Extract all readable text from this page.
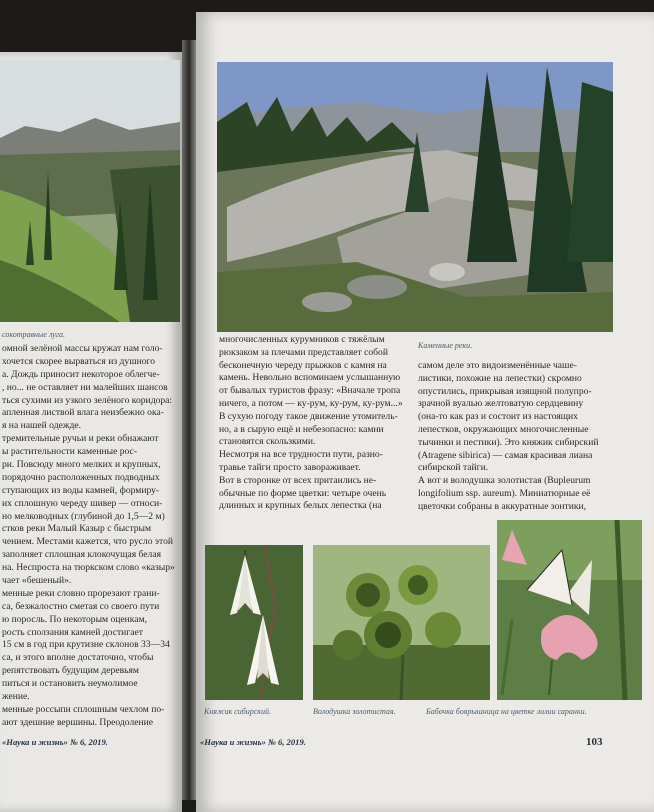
сокотравные луга.
омной зелёной массы кружат нам голо-
хочется скорее вырваться из душного
а. Дождь приносит некоторое облегче-
, но... не оставляет ни малейших шансов
ться сухими из узкого зелёного коридора:
апленная листвой влага неизбежно ока-
я на нашей одежде.
тремительные ручьи и реки обнажают
ы растительности каменные рос-
ри. Повсюду много мелких и крупных,
порядочно расположенных подводных
ступающих из воды камней, формиру-
их сплошную череду шивер — относи-
но мелководных (глубиной до 1,5—2 м)
стков реки Малый Казыр с быстрым
чением. Местами кажется, что русло этой
заполняет сплошная клокочущая белая
на. Неспроста на тюркском слово «казыр»
чает «бешеный».
менные реки словно прорезают грани-
са, безжалостно сметая со своего пути
ю поросль. По некоторым оценкам,
рость сползания камней достигает
15 см в год при крутизне склонов 33—34
са, и этого вполне достаточно, чтобы
репятствовать будущим деревьям
питься и остановить неумолимое
жение.
менные россыпи сплошным чехлом по-
ают здешние вершины. Преодоление
«Наука и жизнь» № 6, 2019.
Каменные реки.
многочисленных курумников с тяжёлым
рюкзаком за плечами представляет собой
бесконечную череду прыжков с камня на
камень. Невольно вспоминаем услышанную
от бывалых туристов фразу: «Вначале тропа
ничего, а потом — ку-рум, ку-рум, ку-рум...»
В сухую погоду такое движение утомитель-
но, а в сырую ещё и небезопасно: камни
становятся скользкими.
Несмотря на все трудности пути, разно-
травье тайги просто завораживает.
Вот в сторонке от всех притаились не-
обычные по форме цветки: четыре очень
длинных и крупных белых лепестка (на
самом деле это видоизменённые чаше-
листики, похожие на лепестки) скромно
опустились, прикрывая изящной полупро-
зрачной вуалью желтоватую сердцевину
(она-то как раз и состоит из настоящих
лепестков, окружающих многочисленные
тычинки и пестики). Это княжик сибирский
(Atragene sibirica) — самая красивая лиана
сибирской тайги.
А вот и володушка золотистая (Bupleurum
longifolium ssp. aureum). Миниатюрные её
цветочки собраны в аккуратные зонтики,
Княжик сибирский.	Володушка золотистая.	Бабочка боярышница на цветке лилии саранки.
«Наука и жизнь» № 6, 2019.	103
